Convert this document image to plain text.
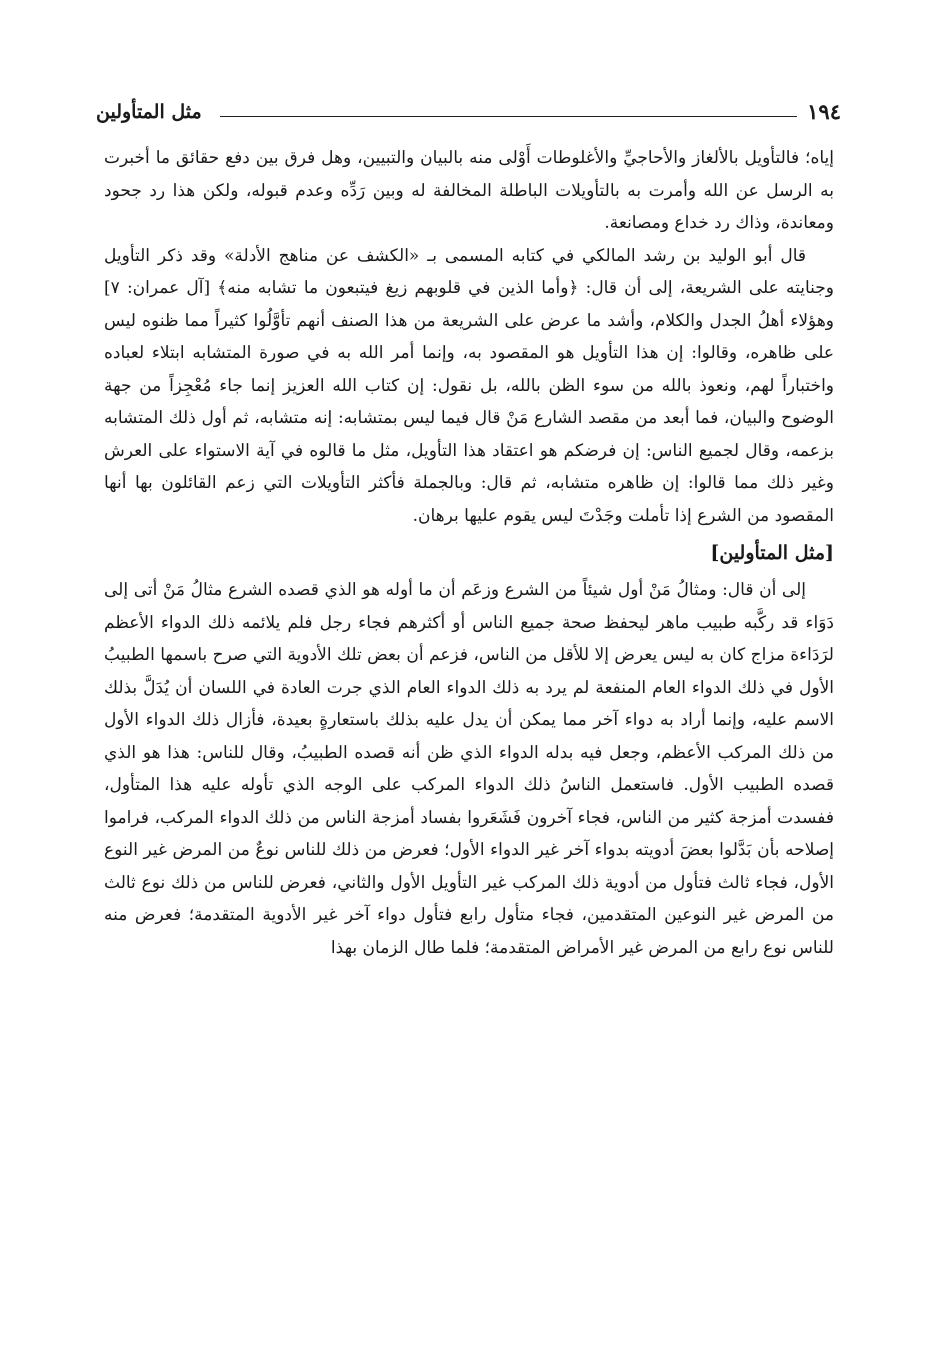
مثل المتأولين	١٩٤

إياه؛ فالتأويل بالألغاز والأحاجيِّ والأغلوطات أَوْلى منه بالبيان والتبيين، وهل فرق بين دفع حقائق ما أخبرت به الرسل عن الله وأمرت به بالتأويلات الباطلة المخالفة له وبين رَدِّه وعدم قبوله، ولكن هذا رد جحود ومعاندة، وذاك رد خداع ومصانعة.

قال أبو الوليد بن رشد المالكي في كتابه المسمى بـ «الكشف عن مناهج الأدلة» وقد ذكر التأويل وجنايته على الشريعة، إلى أن قال: ﴿وأما الذين في قلوبهم زيغ فيتبعون ما تشابه منه﴾ [آل عمران: ٧] وهؤلاء أهلُ الجدل والكلام، وأشد ما عرض على الشريعة من هذا الصنف أنهم تأوَّلُوا كثيراً مما ظنوه ليس على ظاهره، وقالوا: إن هذا التأويل هو المقصود به، وإنما أمر الله به في صورة المتشابه ابتلاء لعباده واختباراً لهم، ونعوذ بالله من سوء الظن بالله، بل نقول: إن كتاب الله العزيز إنما جاء مُعْجِزاً من جهة الوضوح والبيان، فما أبعد من مقصد الشارع مَنْ قال فيما ليس بمتشابه: إنه متشابه، ثم أول ذلك المتشابه بزعمه، وقال لجميع الناس: إن فرضكم هو اعتقاد هذا التأويل، مثل ما قالوه في آية الاستواء على العرش وغير ذلك مما قالوا: إن ظاهره متشابه، ثم قال: وبالجملة فأكثر التأويلات التي زعم القائلون بها أنها المقصود من الشرع إذا تأملت وجَدْتَ ليس يقوم عليها برهان.

[مثل المتأولين]

إلى أن قال: ومثالُ مَنْ أول شيئاً من الشرع وزعَم أن ما أوله هو الذي قصده الشرع مثالُ مَنْ أتى إلى دَوَاء قد ركَّبه طبيب ماهر ليحفظ صحة جميع الناس أو أكثرهم فجاء رجل فلم يلائمه ذلك الدواء الأعظم لرَدَاءة مزاج كان به ليس يعرض إلا للأقل من الناس، فزعم أن بعض تلك الأدوية التي صرح باسمها الطبيبُ الأول في ذلك الدواء العام المنفعة لم يرد به ذلك الدواء العام الذي جرت العادة في اللسان أن يُدَلَّ بذلك الاسم عليه، وإنما أراد به دواء آخر مما يمكن أن يدل عليه بذلك باستعارةٍ بعيدة، فأزال ذلك الدواء الأول من ذلك المركب الأعظم، وجعل فيه بدله الدواء الذي ظن أنه قصده الطبيبُ، وقال للناس: هذا هو الذي قصده الطبيب الأول. فاستعمل الناسُ ذلك الدواء المركب على الوجه الذي تأوله عليه هذا المتأول، ففسدت أمزجة كثير من الناس، فجاء آخرون فَشَعَروا بفساد أمزجة الناس من ذلك الدواء المركب، فراموا إصلاحه بأن بَدَّلوا بعضَ أدويته بدواء آخر غير الدواء الأول؛ فعرض من ذلك للناس نوعٌ من المرض غير النوع الأول، فجاء ثالث فتأول من أدوية ذلك المركب غير التأويل الأول والثاني، فعرض للناس من ذلك نوع ثالث من المرض غير النوعين المتقدمين، فجاء متأول رابع فتأول دواء آخر غير الأدوية المتقدمة؛ فعرض منه للناس نوع رابع من المرض غير الأمراض المتقدمة؛ فلما طال الزمان بهذا
